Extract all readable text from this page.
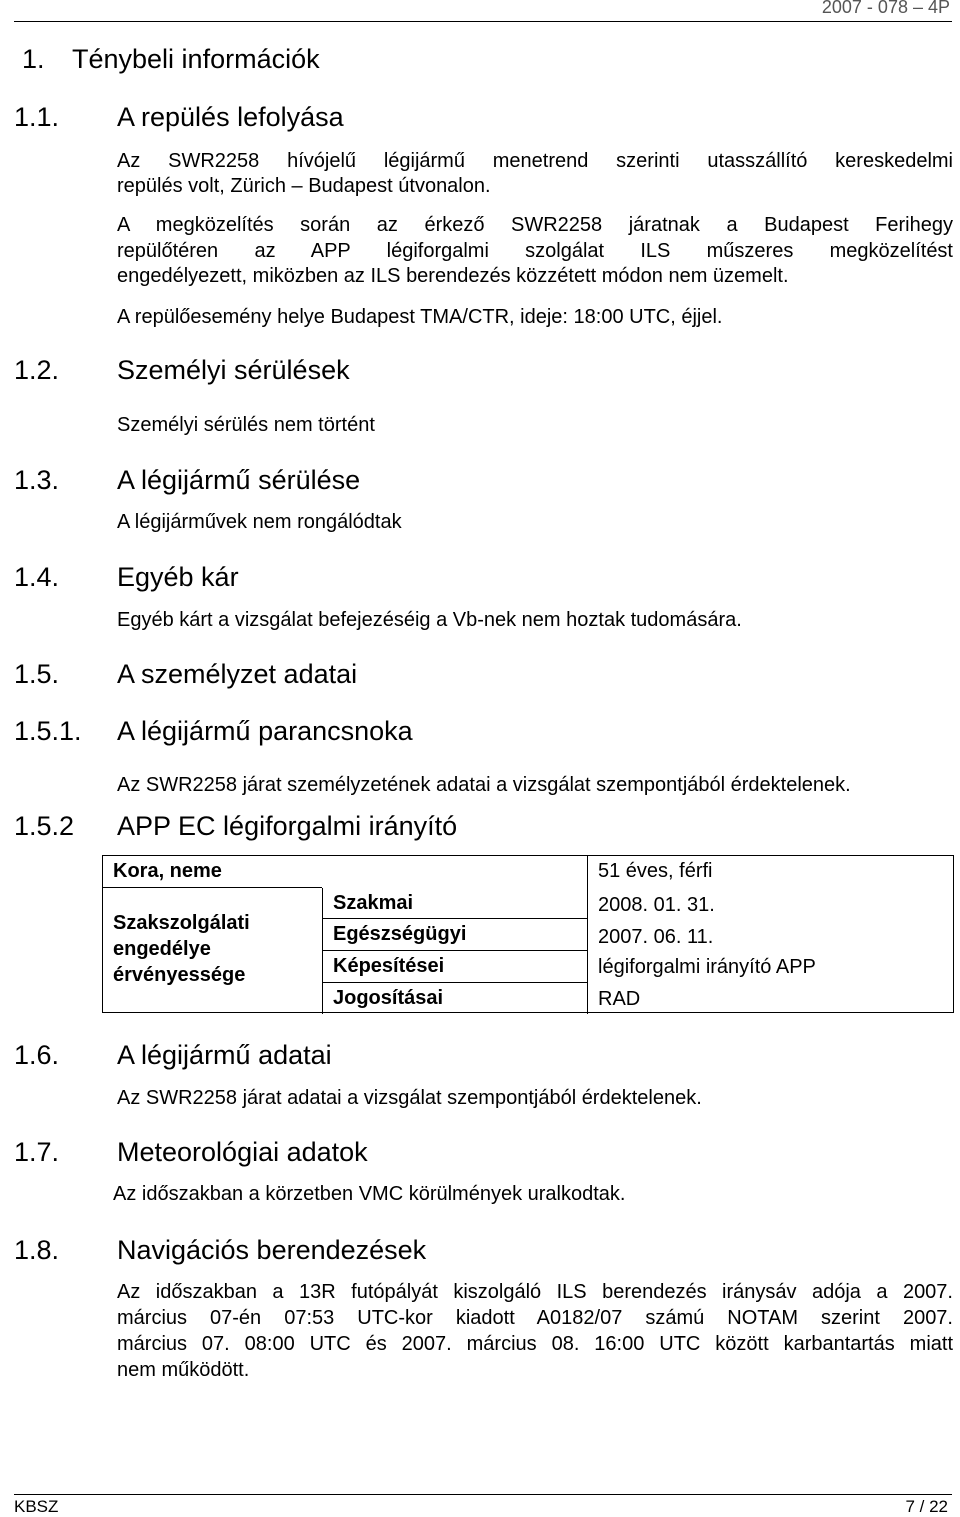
2007 - 078 – 4P
1. Ténybeli információk
1.1. A repülés lefolyása
Az SWR2258 hívójelű légijármű menetrend szerinti utasszállító kereskedelmi
repülés volt, Zürich – Budapest útvonalon.
A megközelítés során az érkező SWR2258 járatnak a Budapest Ferihegy
repülőtéren az APP légiforgalmi szolgálat ILS műszeres megközelítést
engedélyezett, miközben az ILS berendezés közzétett módon nem üzemelt.
A repülőesemény helye Budapest TMA/CTR, ideje: 18:00 UTC, éjjel.
1.2. Személyi sérülések
Személyi sérülés nem történt
1.3. A légijármű sérülése
A légijárművek nem rongálódtak
1.4. Egyéb kár
Egyéb kárt a vizsgálat befejezéséig a Vb-nek nem hoztak tudomására.
1.5. A személyzet adatai
1.5.1. A légijármű parancsnoka
Az SWR2258 járat személyzetének adatai a vizsgálat szempontjából érdektelenek.
1.5.2 APP EC légiforgalmi irányító
Kora, neme	51 éves, férfi
Szakszolgálati
engedélye
érvényessége
Szakmai	2008. 01. 31.
Egészségügyi	2007. 06. 11.
Képesítései	légiforgalmi irányító APP
Jogosításai	RAD
1.6. A légijármű adatai
Az SWR2258 járat adatai a vizsgálat szempontjából érdektelenek.
1.7. Meteorológiai adatok
Az időszakban a körzetben VMC körülmények uralkodtak.
1.8. Navigációs berendezések
Az időszakban a 13R futópályát kiszolgáló ILS berendezés iránysáv adója a 2007.
március 07-én 07:53 UTC-kor kiadott A0182/07 számú NOTAM szerint 2007.
március 07. 08:00 UTC és 2007. március 08. 16:00 UTC között karbantartás miatt
nem működött.
KBSZ	7 / 22
